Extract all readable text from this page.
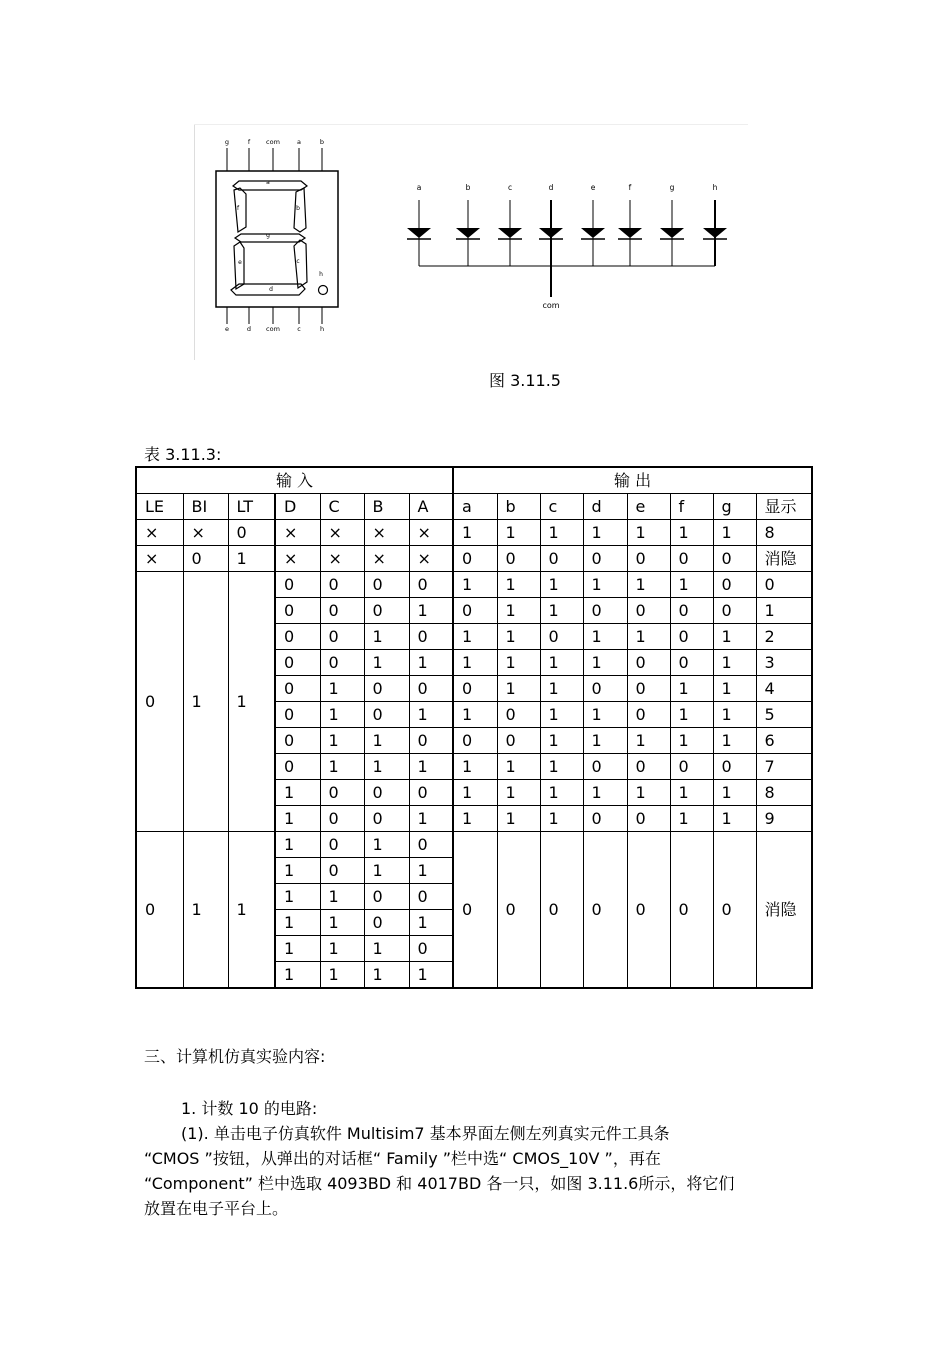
g	f com	a	b
e	d com	c	h
a
b
c
d
e
f
g
h
a	b	c	d	e	f	g	h
com
图 3.11.5
表 3.11.3:
输 入							输 出							
LE	BI	LT	D	C	B	A	a	b	c	d	e	f	g	显示
×	×	0	×	×	×	×	1	1	1	1	1	1	1	8
×	0	1	×	×	×	×	0	0	0	0	0	0	0	消隐
0	1	1	0	0	0	0	1	1	1	1	1	1	0	0
			0	0	0	1	0	1	1	0	0	0	0	1
			0	0	1	0	1	1	0	1	1	0	1	2
			0	0	1	1	1	1	1	1	0	0	1	3
			0	1	0	0	0	1	1	0	0	1	1	4
			0	1	0	1	1	0	1	1	0	1	1	5
			0	1	1	0	0	0	1	1	1	1	1	6
			0	1	1	1	1	1	1	0	0	0	0	7
			1	0	0	0	1	1	1	1	1	1	1	8
			1	0	0	1	1	1	1	0	0	1	1	9
0	1	1	1	0	1	0	0	0	0	0	0	0	0	消隐
			1	0	1	1								
			1	1	0	0								
			1	1	0	1								
			1	1	1	0								
			1	1	1	1								
三、计算机仿真实验内容:
1. 计数 10 的电路:
(1). 单击电子仿真软件 Multisim7 基本界面左侧左列真实元件工具条
“CMOS ”按钮，从弹出的对话框“ Family ”栏中选“ CMOS_10V ”，再在
“Component” 栏中选取 4093BD 和 4017BD 各一只，如图 3.11.6所示，将它们
放置在电子平台上。
